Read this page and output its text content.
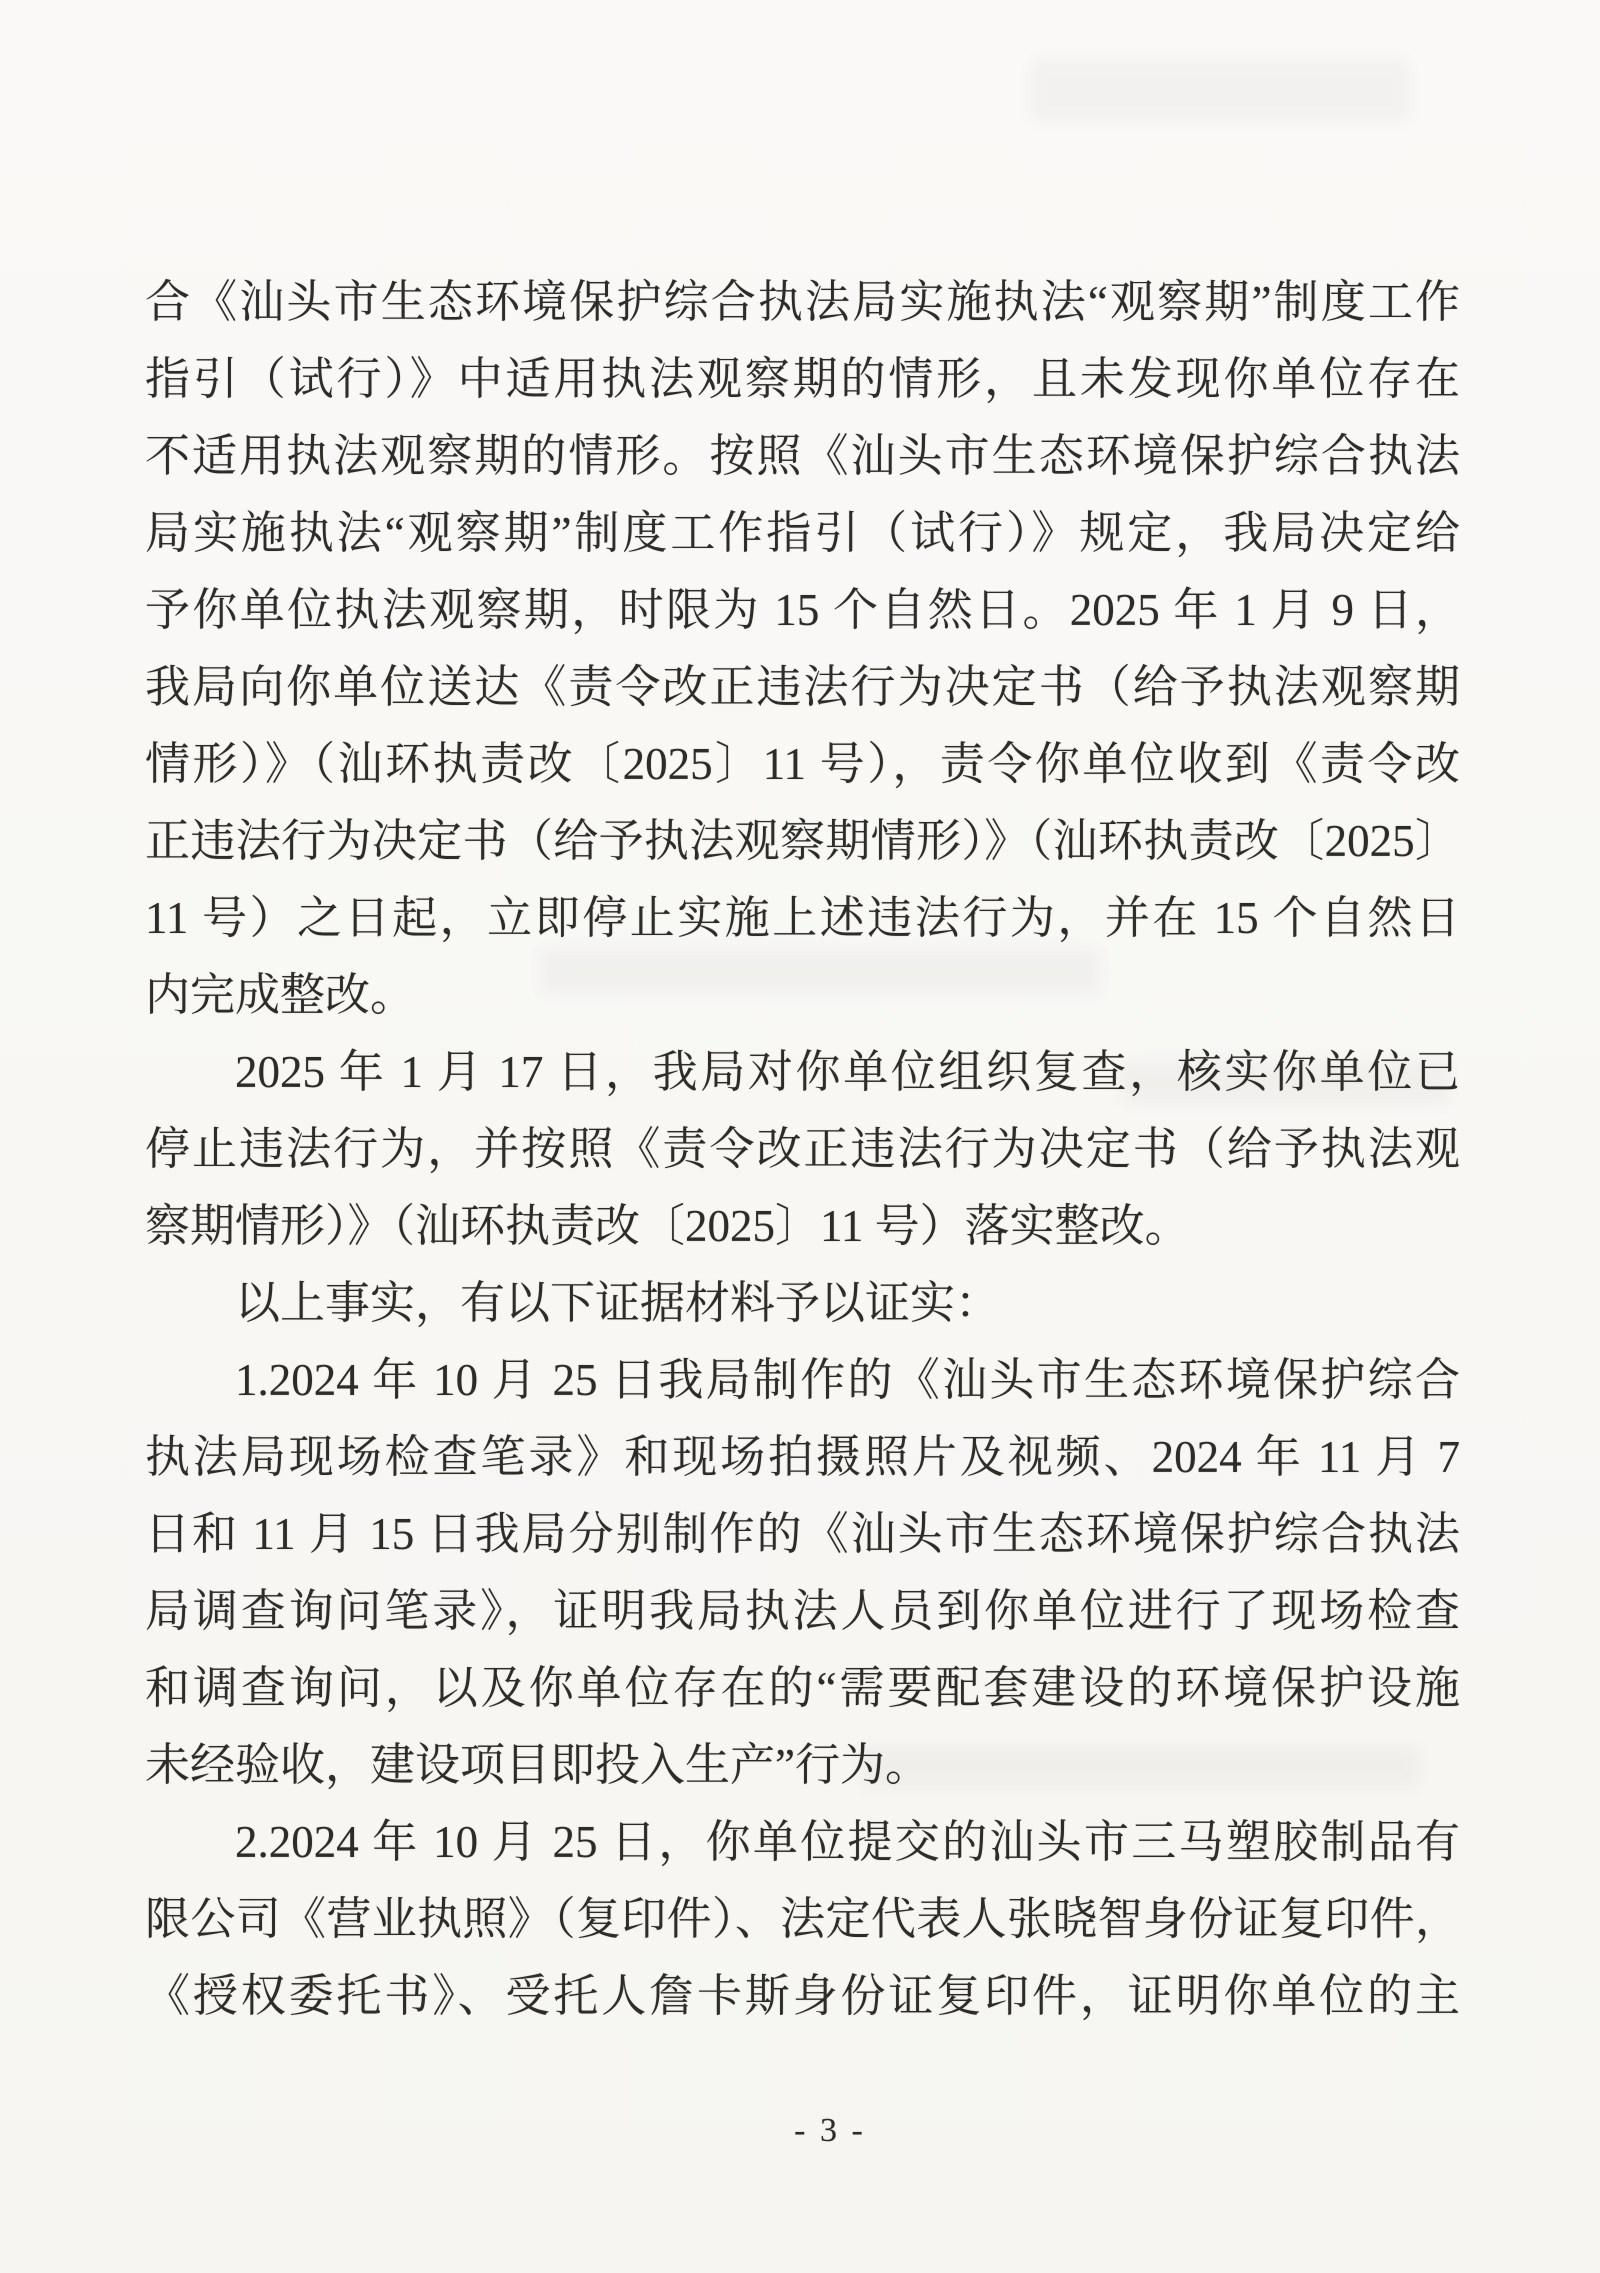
合《汕头市生态环境保护综合执法局实施执法“观察期”制度工作
指引（试行）》中适用执法观察期的情形，且未发现你单位存在
不适用执法观察期的情形。按照《汕头市生态环境保护综合执法
局实施执法“观察期”制度工作指引（试行）》规定，我局决定给
予你单位执法观察期，时限为 15 个自然日。2025 年 1 月 9 日，
我局向你单位送达《责令改正违法行为决定书（给予执法观察期
情形）》（汕环执责改〔2025〕11 号），责令你单位收到《责令改
正违法行为决定书（给予执法观察期情形）》（汕环执责改〔2025〕
11 号）之日起，立即停止实施上述违法行为，并在 15 个自然日
内完成整改。

2025 年 1 月 17 日，我局对你单位组织复查，核实你单位已
停止违法行为，并按照《责令改正违法行为决定书（给予执法观
察期情形）》（汕环执责改〔2025〕11 号）落实整改。

以上事实，有以下证据材料予以证实：

1.2024 年 10 月 25 日我局制作的《汕头市生态环境保护综合
执法局现场检查笔录》和现场拍摄照片及视频、2024 年 11 月 7
日和 11 月 15 日我局分别制作的《汕头市生态环境保护综合执法
局调查询问笔录》，证明我局执法人员到你单位进行了现场检查
和调查询问，以及你单位存在的“需要配套建设的环境保护设施
未经验收，建设项目即投入生产”行为。

2.2024 年 10 月 25 日，你单位提交的汕头市三马塑胶制品有
限公司《营业执照》（复印件）、法定代表人张晓智身份证复印件，
《授权委托书》、受托人詹卡斯身份证复印件，证明你单位的主

- 3 -
